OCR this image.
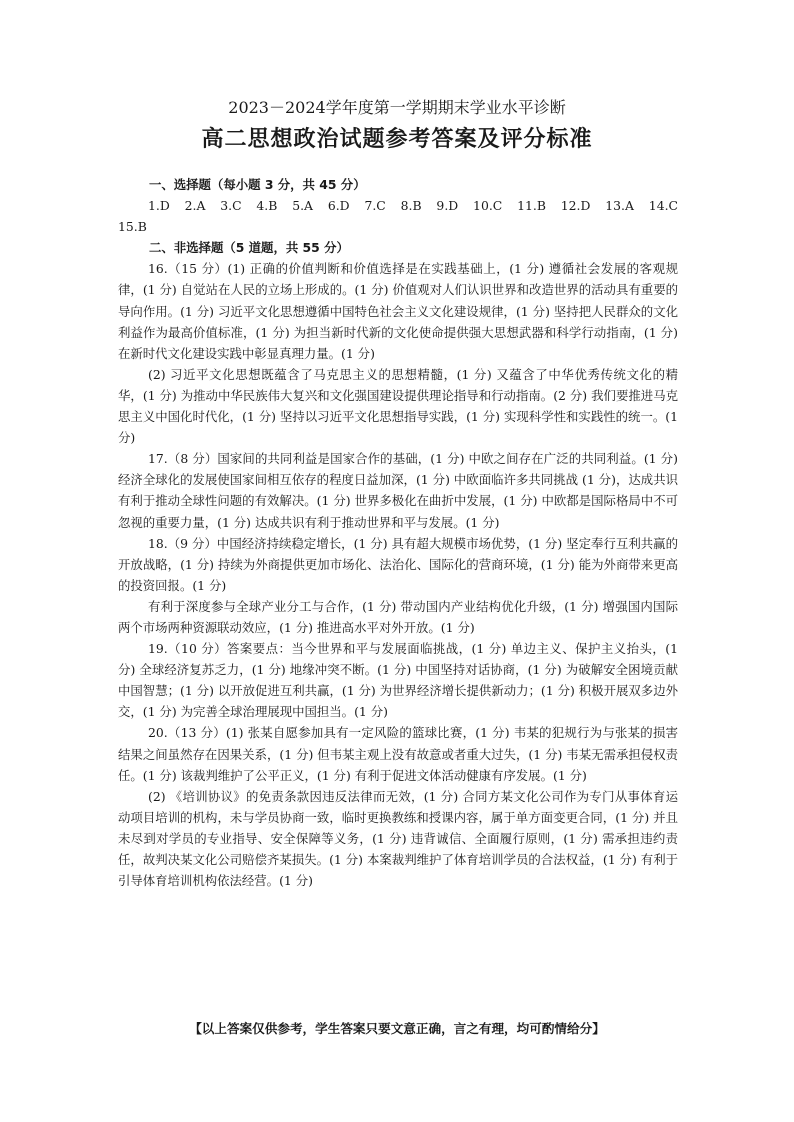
2023－2024学年度第一学期期末学业水平诊断
高二思想政治试题参考答案及评分标准

一、选择题（每小题 3 分，共 45 分）

1.D　2.A　3.C　4.B　5.A　6.D　7.C　8.B　9.D　10.C　11.B　12.D　13.A　14.C　15.B

二、非选择题（5 道题，共 55 分）

16.（15 分）(1) 正确的价值判断和价值选择是在实践基础上，(1 分) 遵循社会发展的客观规律，(1 分) 自觉站在人民的立场上形成的。(1 分) 价值观对人们认识世界和改造世界的活动具有重要的导向作用。(1 分) 习近平文化思想遵循中国特色社会主义文化建设规律，(1 分) 坚持把人民群众的文化利益作为最高价值标准，(1 分) 为担当新时代新的文化使命提供强大思想武器和科学行动指南，(1 分) 在新时代文化建设实践中彰显真理力量。(1 分)

(2) 习近平文化思想既蕴含了马克思主义的思想精髓，(1 分) 又蕴含了中华优秀传统文化的精华，(1 分) 为推动中华民族伟大复兴和文化强国建设提供理论指导和行动指南。(2 分) 我们要推进马克思主义中国化时代化，(1 分) 坚持以习近平文化思想指导实践，(1 分) 实现科学性和实践性的统一。(1 分)

17.（8 分）国家间的共同利益是国家合作的基础，(1 分) 中欧之间存在广泛的共同利益。(1 分) 经济全球化的发展使国家间相互依存的程度日益加深，(1 分) 中欧面临许多共同挑战 (1 分)，达成共识有利于推动全球性问题的有效解决。(1 分) 世界多极化在曲折中发展，(1 分) 中欧都是国际格局中不可忽视的重要力量，(1 分) 达成共识有利于推动世界和平与发展。(1 分)

18.（9 分）中国经济持续稳定增长，(1 分) 具有超大规模市场优势，(1 分) 坚定奉行互利共赢的开放战略，(1 分) 持续为外商提供更加市场化、法治化、国际化的营商环境，(1 分) 能为外商带来更高的投资回报。(1 分)

有利于深度参与全球产业分工与合作，(1 分) 带动国内产业结构优化升级，(1 分) 增强国内国际两个市场两种资源联动效应，(1 分) 推进高水平对外开放。(1 分)

19.（10 分）答案要点：当今世界和平与发展面临挑战，(1 分) 单边主义、保护主义抬头，(1 分) 全球经济复苏乏力，(1 分) 地缘冲突不断。(1 分) 中国坚持对话协商，(1 分) 为破解安全困境贡献中国智慧；(1 分) 以开放促进互利共赢，(1 分) 为世界经济增长提供新动力；(1 分) 积极开展双多边外交，(1 分) 为完善全球治理展现中国担当。(1 分)

20.（13 分）(1) 张某自愿参加具有一定风险的篮球比赛，(1 分) 韦某的犯规行为与张某的损害结果之间虽然存在因果关系，(1 分) 但韦某主观上没有故意或者重大过失，(1 分) 韦某无需承担侵权责任。(1 分) 该裁判维护了公平正义，(1 分) 有利于促进文体活动健康有序发展。(1 分)

(2) 《培训协议》的免责条款因违反法律而无效，(1 分) 合同方某文化公司作为专门从事体育运动项目培训的机构，未与学员协商一致，临时更换教练和授课内容，属于单方面变更合同，(1 分) 并且未尽到对学员的专业指导、安全保障等义务，(1 分) 违背诚信、全面履行原则，(1 分) 需承担违约责任，故判决某文化公司赔偿齐某损失。(1 分) 本案裁判维护了体育培训学员的合法权益，(1 分) 有利于引导体育培训机构依法经营。(1 分)

【以上答案仅供参考，学生答案只要文意正确，言之有理，均可酌情给分】
